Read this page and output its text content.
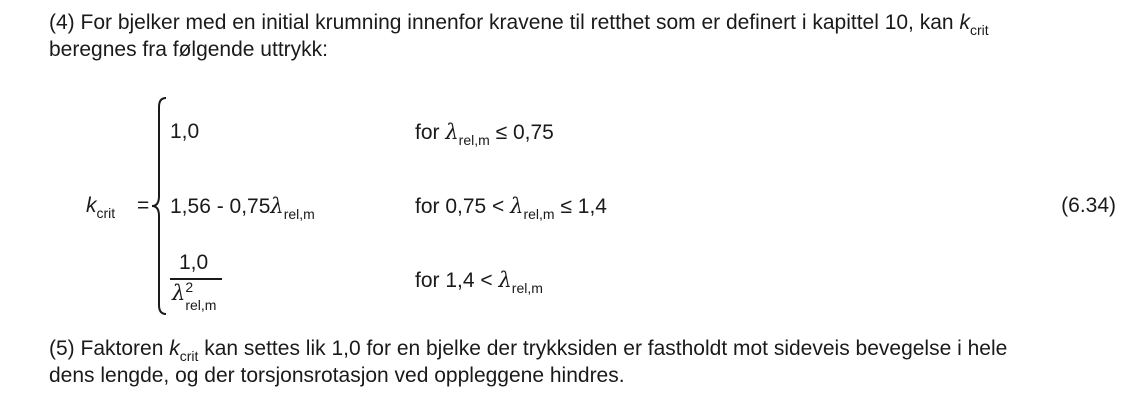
(4) For bjelker med en initial krumning innenfor kravene til retthet som er definert i kapittel 10, kan $k_{crit}$
beregnes fra følgende uttrykk:
$k_{crit}$ =
1,0	for $\lambda_{rel,m} \le 0,75$
$1,56 - 0,75\lambda_{rel,m}$	for $0,75 < \lambda_{rel,m} \le 1,4$
1,0
λ 2
rel,m
for $1,4 < \lambda_{rel,m}$
(6.34)
(5) Faktoren $k_{crit}$ kan settes lik 1,0 for en bjelke der trykksiden er fastholdt mot sideveis bevegelse i hele
dens lengde, og der torsjonsrotasjon ved oppleggene hindres.
